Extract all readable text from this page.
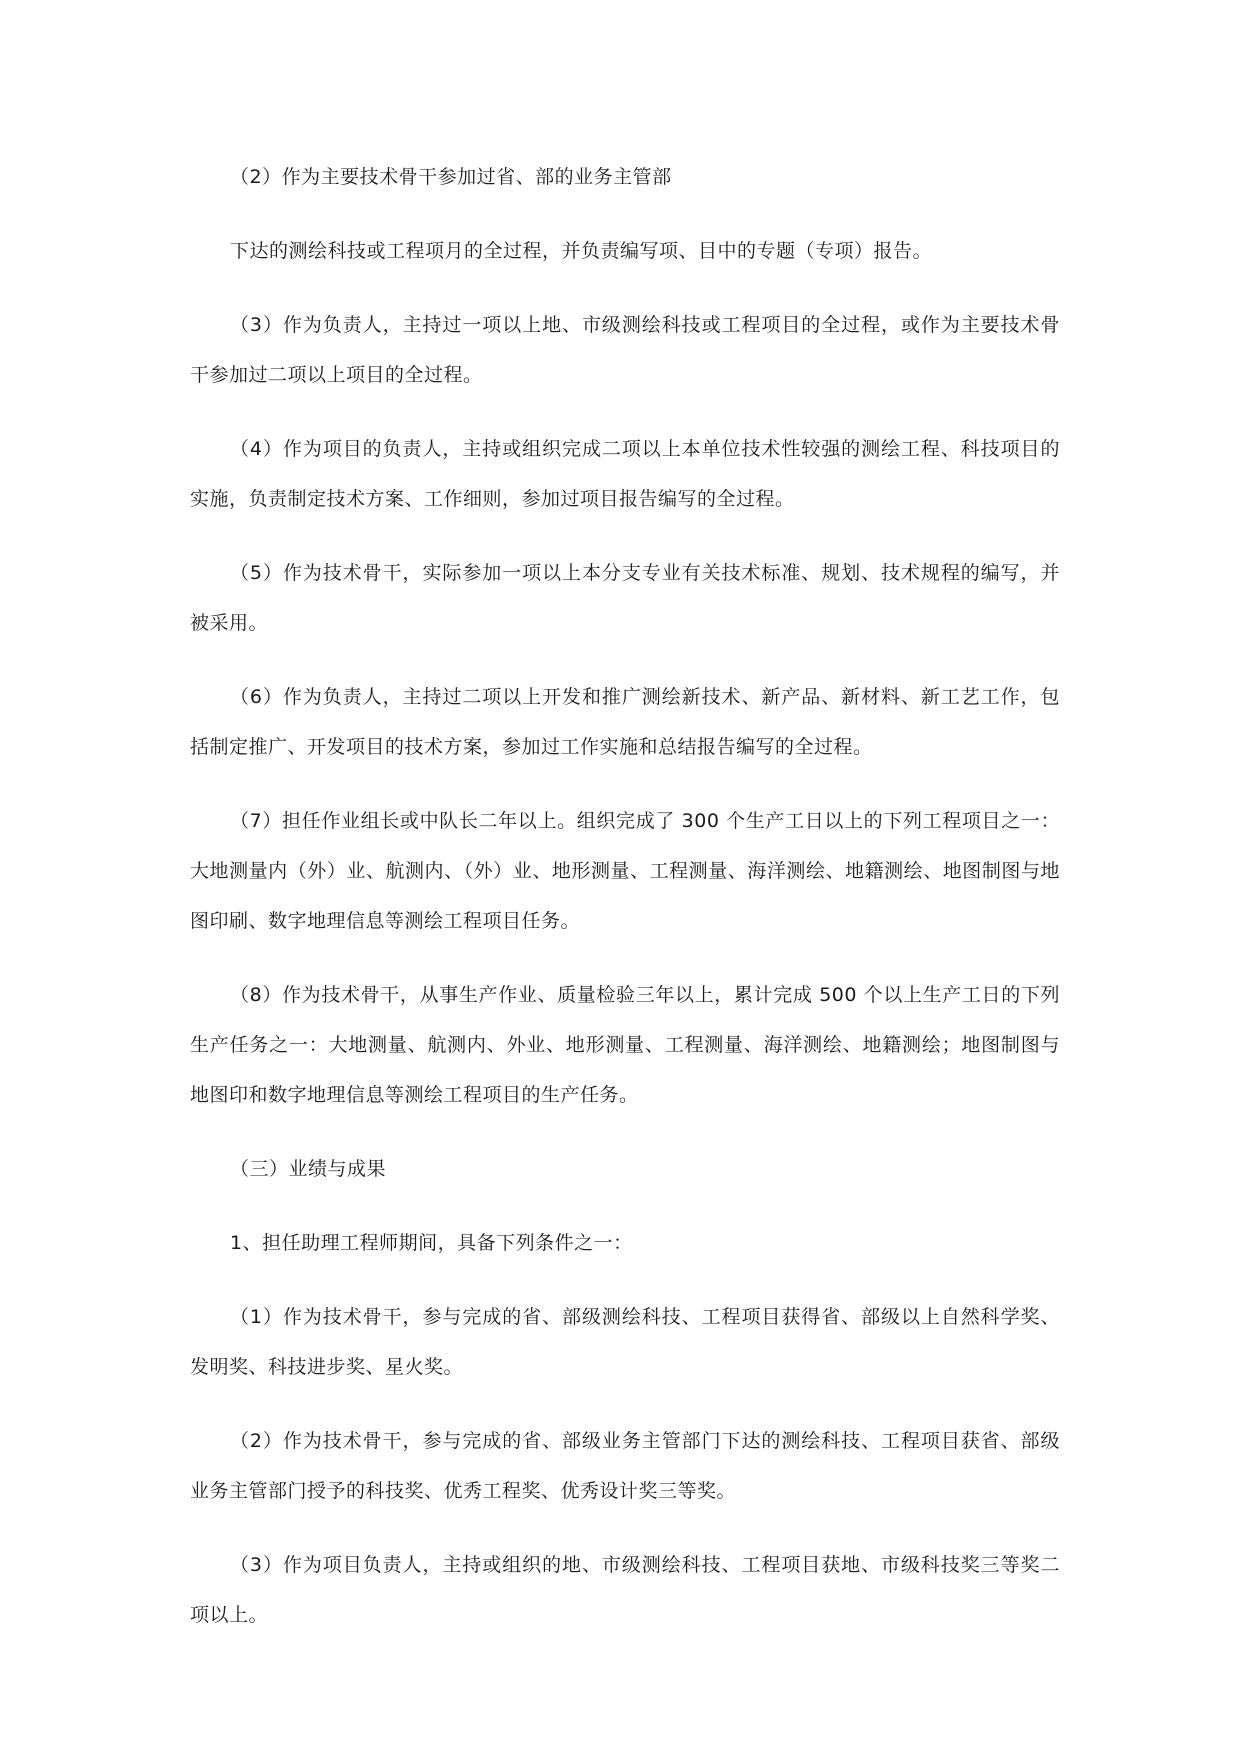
（2）作为主要技术骨干参加过省、部的业务主管部

下达的测绘科技或工程项月的全过程，并负责编写项、目中的专题（专项）报告。

（3）作为负责人，主持过一项以上地、市级测绘科技或工程项目的全过程，或作为主要技术骨干参加过二项以上项目的全过程。

（4）作为项目的负责人，主持或组织完成二项以上本单位技术性较强的测绘工程、科技项目的实施，负责制定技术方案、工作细则，参加过项目报告编写的全过程。

（5）作为技术骨干，实际参加一项以上本分支专业有关技术标准、规划、技术规程的编写，并被采用。

（6）作为负责人，主持过二项以上开发和推广测绘新技术、新产品、新材料、新工艺工作，包括制定推广、开发项目的技术方案，参加过工作实施和总结报告编写的全过程。

（7）担任作业组长或中队长二年以上。组织完成了 300 个生产工日以上的下列工程项目之一：大地测量内（外）业、航测内、（外）业、地形测量、工程测量、海洋测绘、地籍测绘、地图制图与地图印刷、数字地理信息等测绘工程项目任务。

（8）作为技术骨干，从事生产作业、质量检验三年以上，累计完成 500 个以上生产工日的下列生产任务之一：大地测量、航测内、外业、地形测量、工程测量、海洋测绘、地籍测绘；地图制图与地图印和数字地理信息等测绘工程项目的生产任务。

（三）业绩与成果

1、担任助理工程师期间，具备下列条件之一：

（1）作为技术骨干，参与完成的省、部级测绘科技、工程项目获得省、部级以上自然科学奖、发明奖、科技进步奖、星火奖。

（2）作为技术骨干，参与完成的省、部级业务主管部门下达的测绘科技、工程项目获省、部级业务主管部门授予的科技奖、优秀工程奖、优秀设计奖三等奖。

（3）作为项目负责人，主持或组织的地、市级测绘科技、工程项目获地、市级科技奖三等奖二项以上。
